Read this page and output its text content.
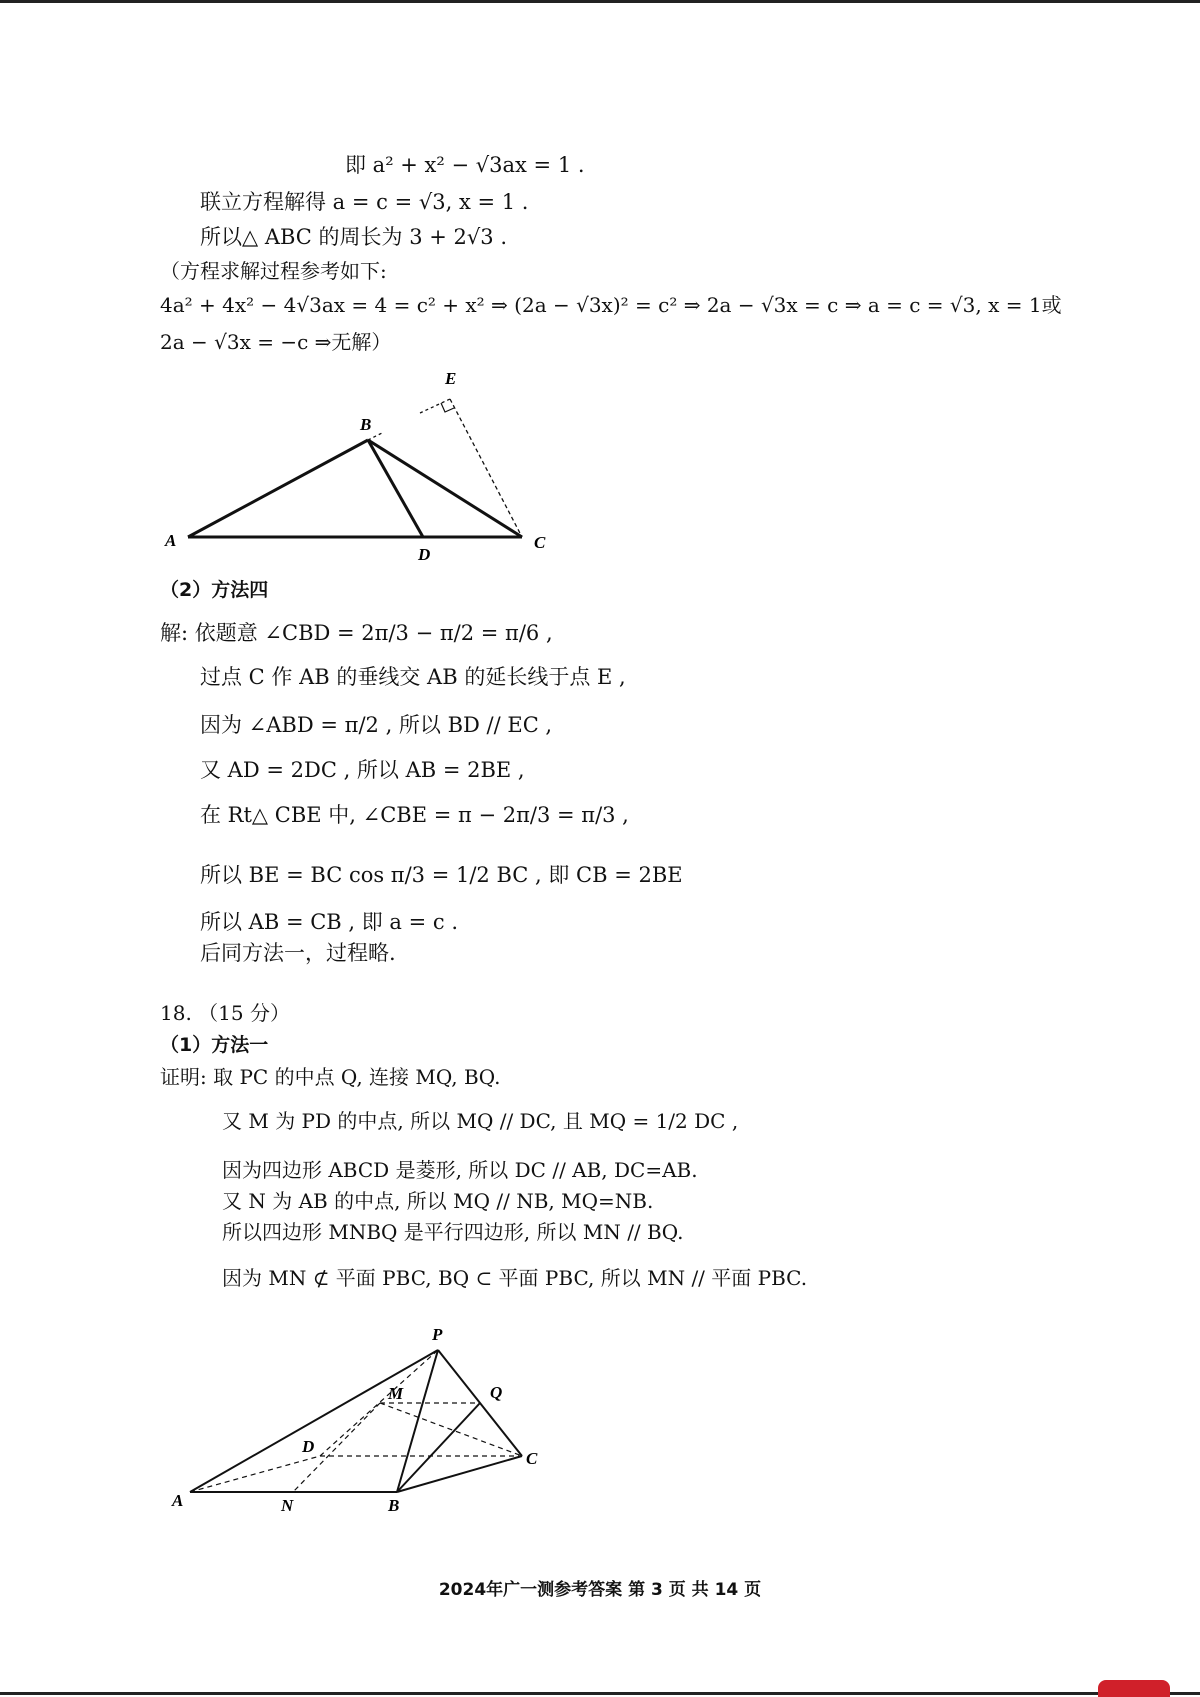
即 a² + x² − √3ax = 1 .
联立方程解得 a = c = √3, x = 1 .
所以△ ABC 的周长为 3 + 2√3 .
（方程求解过程参考如下:
4a² + 4x² − 4√3ax = 4 = c² + x² ⇒ (2a − √3x)² = c² ⇒ 2a − √3x = c ⇒ a = c = √3, x = 1或
2a − √3x = −c ⇒无解）
E
B
A
D
C
（2）方法四
解: 依题意 ∠CBD = 2π/3 − π/2 = π/6 ,
过点 C 作 AB 的垂线交 AB 的延长线于点 E ,
因为 ∠ABD = π/2 , 所以 BD // EC ,
又 AD = 2DC , 所以 AB = 2BE ,
在 Rt△ CBE 中, ∠CBE = π − 2π/3 = π/3 ,
所以 BE = BC cos π/3 = 1/2 BC , 即 CB = 2BE
所以 AB = CB , 即 a = c .
后同方法一，过程略.
18. （15 分）
（1）方法一
证明: 取 PC 的中点 Q, 连接 MQ, BQ.
又 M 为 PD 的中点, 所以 MQ // DC, 且 MQ = 1/2 DC ,
因为四边形 ABCD 是菱形, 所以 DC // AB, DC=AB.
又 N 为 AB 的中点, 所以 MQ // NB, MQ=NB.
所以四边形 MNBQ 是平行四边形, 所以 MN // BQ.
因为 MN ⊄ 平面 PBC, BQ ⊂ 平面 PBC, 所以 MN // 平面 PBC.
P
M	Q
D
C
A	N	B
2024年广一测参考答案 第 3 页 共 14 页
